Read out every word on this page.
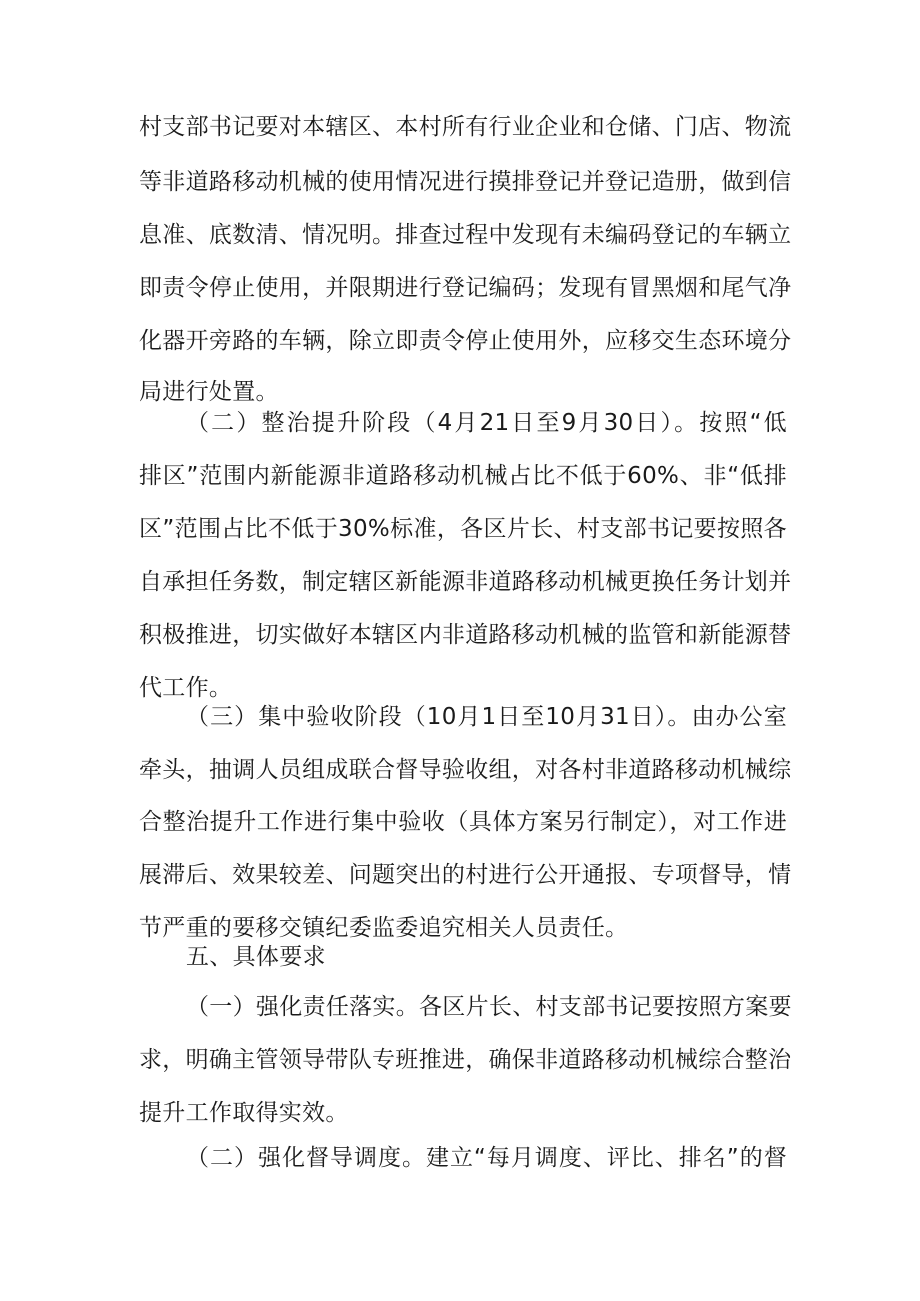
村支部书记要对本辖区、本村所有行业企业和仓储、门店、物流
等非道路移动机械的使用情况进行摸排登记并登记造册，做到信
息准、底数清、情况明。排查过程中发现有未编码登记的车辆立
即责令停止使用，并限期进行登记编码；发现有冒黑烟和尾气净
化器开旁路的车辆，除立即责令停止使用外，应移交生态环境分
局进行处置。
（二）整治提升阶段（4月21日至9月30日）。按照“低
排区”范围内新能源非道路移动机械占比不低于60%、非“低排
区”范围占比不低于30%标准，各区片长、村支部书记要按照各
自承担任务数，制定辖区新能源非道路移动机械更换任务计划并
积极推进，切实做好本辖区内非道路移动机械的监管和新能源替
代工作。
（三）集中验收阶段（10月1日至10月31日）。由办公室
牵头，抽调人员组成联合督导验收组，对各村非道路移动机械综
合整治提升工作进行集中验收（具体方案另行制定），对工作进
展滞后、效果较差、问题突出的村进行公开通报、专项督导，情
节严重的要移交镇纪委监委追究相关人员责任。
五、具体要求
（一）强化责任落实。各区片长、村支部书记要按照方案要
求，明确主管领导带队专班推进，确保非道路移动机械综合整治
提升工作取得实效。
（二）强化督导调度。建立“每月调度、评比、排名”的督
